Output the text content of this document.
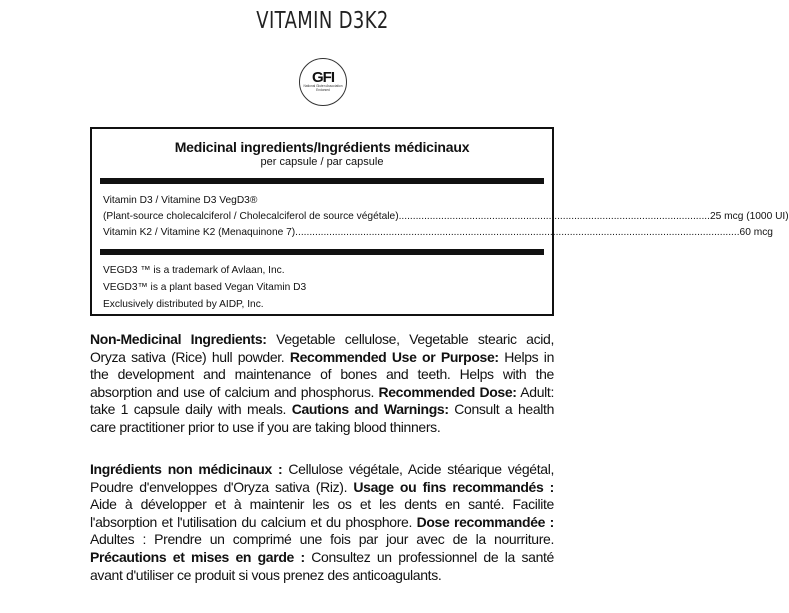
VITAMIN D3K2
GFI
National Gluten Association Endorsed
Medicinal ingredients/Ingrédients médicinaux
per capsule / par capsule
Vitamin D3 / Vitamine D3 VegD3®
(Plant-source cholecalciferol / Cholecalciferol de source végétale) .............................................................................................................. 25 mcg (1000 UI)
Vitamin K2 / Vitamine K2 (Menaquinone 7) ............................................................................................................................................................. 60 mcg
VEGD3 ™ is a trademark of Avlaan, Inc.
VEGD3™ is a plant based Vegan Vitamin D3
Exclusively distributed by AIDP, Inc.
Non-Medicinal Ingredients: Vegetable cellulose, Vegetable stearic acid, Oryza sativa (Rice) hull powder. Recommended Use or Purpose: Helps in the development and maintenance of bones and teeth. Helps with the absorption and use of calcium and phosphorus. Recommended Dose: Adult: take 1 capsule daily with meals. Cautions and Warnings: Consult a health care practitioner prior to use if you are taking blood thinners.
Ingrédients non médicinaux : Cellulose végétale, Acide stéarique végétal, Poudre d'enveloppes d'Oryza sativa (Riz). Usage ou fins recommandés : Aide à développer et à maintenir les os et les dents en santé. Facilite l'absorption et l'utilisation du calcium et du phosphore. Dose recommandée : Adultes : Prendre un comprimé une fois par jour avec de la nourriture. Précautions et mises en garde : Consultez un professionnel de la santé avant d'utiliser ce produit si vous prenez des anticoagulants.
